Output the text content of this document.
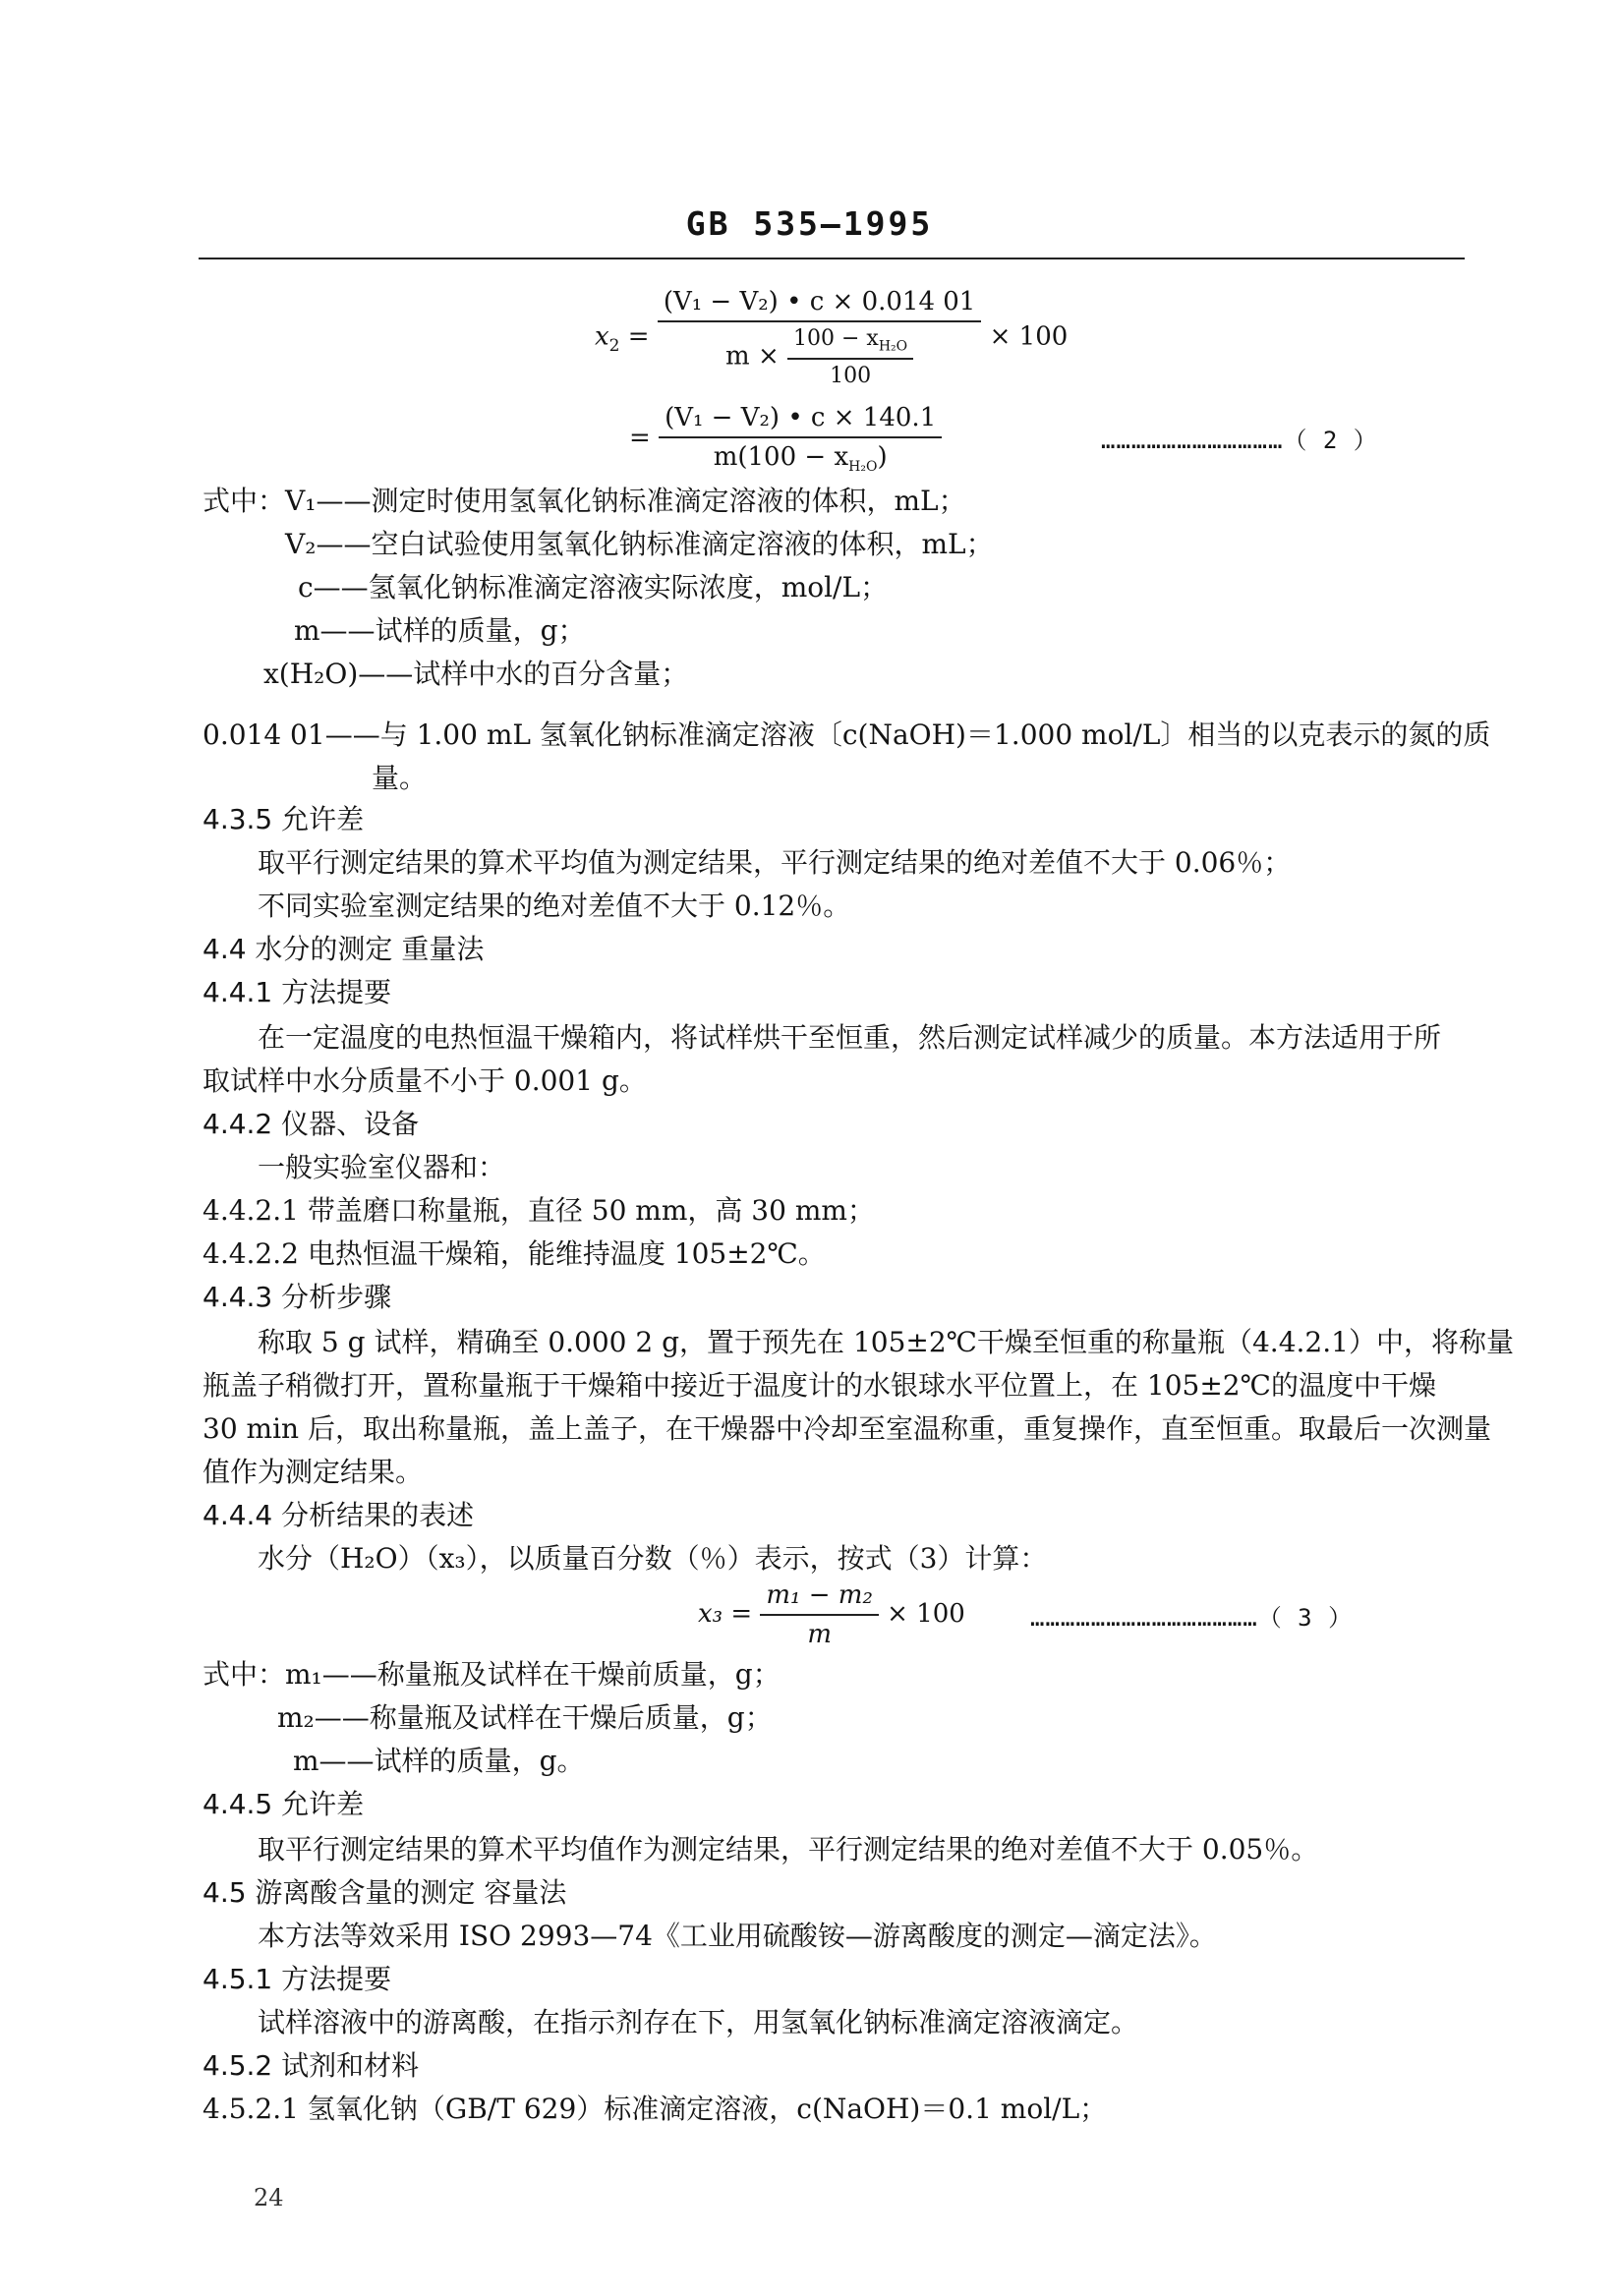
GB 535—1995
$x_2 = \frac{\text{(V₁ − V₂) • c × 0.014 01}}{m \times \frac{100 - x_{H_2O}}{100}} \times 100$
= $\frac{\text{(V₁ − V₂) • c × 140.1}}{m(100 - x_{H_2O})}$	………………………………（ 2 ）
式中：V₁——测定时使用氢氧化钠标准滴定溶液的体积，mL；
V₂——空白试验使用氢氧化钠标准滴定溶液的体积，mL；
c——氢氧化钠标准滴定溶液实际浓度，mol/L；
m——试样的质量，g；
x(H₂O)——试样中水的百分含量；
0.014 01——与 1.00 mL 氢氧化钠标准滴定溶液〔c(NaOH)＝1.000 mol/L〕相当的以克表示的氮的质
量。
4.3.5 允许差
取平行测定结果的算术平均值为测定结果，平行测定结果的绝对差值不大于 0.06％；
不同实验室测定结果的绝对差值不大于 0.12％。
4.4 水分的测定 重量法
4.4.1 方法提要
在一定温度的电热恒温干燥箱内，将试样烘干至恒重，然后测定试样减少的质量。本方法适用于所
取试样中水分质量不小于 0.001 g。
4.4.2 仪器、设备
一般实验室仪器和：
4.4.2.1 带盖磨口称量瓶，直径 50 mm，高 30 mm；
4.4.2.2 电热恒温干燥箱，能维持温度 105±2℃。
4.4.3 分析步骤
称取 5 g 试样，精确至 0.000 2 g，置于预先在 105±2℃干燥至恒重的称量瓶（4.4.2.1）中，将称量
瓶盖子稍微打开，置称量瓶于干燥箱中接近于温度计的水银球水平位置上，在 105±2℃的温度中干燥
30 min 后，取出称量瓶，盖上盖子，在干燥器中冷却至室温称重，重复操作，直至恒重。取最后一次测量
值作为测定结果。
4.4.4 分析结果的表述
水分（H₂O）（x₃），以质量百分数（％）表示，按式（3）计算：
$x_3 = \frac{\text{m₁ − m₂}}{m} \times 100$	………………………………………（ 3 ）
式中：m₁——称量瓶及试样在干燥前质量，g；
m₂——称量瓶及试样在干燥后质量，g；
m——试样的质量，g。
4.4.5 允许差
取平行测定结果的算术平均值作为测定结果，平行测定结果的绝对差值不大于 0.05％。
4.5 游离酸含量的测定 容量法
本方法等效采用 ISO 2993—74《工业用硫酸铵—游离酸度的测定—滴定法》。
4.5.1 方法提要
试样溶液中的游离酸，在指示剂存在下，用氢氧化钠标准滴定溶液滴定。
4.5.2 试剂和材料
4.5.2.1 氢氧化钠（GB/T 629）标准滴定溶液，c(NaOH)＝0.1 mol/L；
24
